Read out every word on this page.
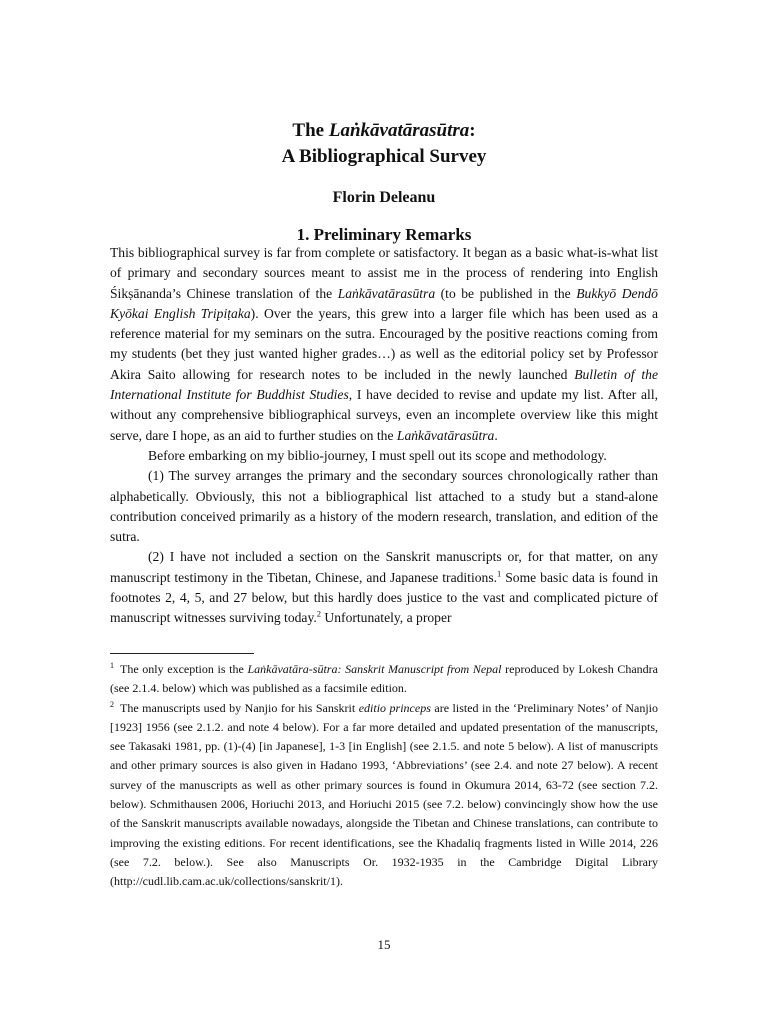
The Laṅkāvatārasūtra:
A Bibliographical Survey
Florin Deleanu
1. Preliminary Remarks

This bibliographical survey is far from complete or satisfactory. It began as a basic what-is-what list of primary and secondary sources meant to assist me in the process of rendering into English Śikṣānanda’s Chinese translation of the Laṅkāvatārasūtra (to be published in the Bukkyō Dendō Kyōkai English Tripiṭaka). Over the years, this grew into a larger file which has been used as a reference material for my seminars on the sutra. Encouraged by the positive reactions coming from my students (bet they just wanted higher grades…) as well as the editorial policy set by Professor Akira Saito allowing for research notes to be included in the newly launched Bulletin of the International Institute for Buddhist Studies, I have decided to revise and update my list. After all, without any comprehensive bibliographical surveys, even an incomplete overview like this might serve, dare I hope, as an aid to further studies on the Laṅkāvatārasūtra.

Before embarking on my biblio-journey, I must spell out its scope and methodology.

(1) The survey arranges the primary and the secondary sources chronologically rather than alphabetically. Obviously, this not a bibliographical list attached to a study but a stand-alone contribution conceived primarily as a history of the modern research, translation, and edition of the sutra.

(2) I have not included a section on the Sanskrit manuscripts or, for that matter, on any manuscript testimony in the Tibetan, Chinese, and Japanese traditions.$^1$ Some basic data is found in footnotes 2, 4, 5, and 27 below, but this hardly does justice to the vast and complicated picture of manuscript witnesses surviving today.$^2$ Unfortunately, a proper

$^1$ The only exception is the Laṅkāvatāra-sūtra: Sanskrit Manuscript from Nepal reproduced by Lokesh Chandra (see 2.1.4. below) which was published as a facsimile edition.

$^2$ The manuscripts used by Nanjio for his Sanskrit editio princeps are listed in the ‘Preliminary Notes’ of Nanjio [1923] 1956 (see 2.1.2. and note 4 below). For a far more detailed and updated presentation of the manuscripts, see Takasaki 1981, pp. (1)-(4) [in Japanese], 1-3 [in English] (see 2.1.5. and note 5 below). A list of manuscripts and other primary sources is also given in Hadano 1993, ‘Abbreviations’ (see 2.4. and note 27 below). A recent survey of the manuscripts as well as other primary sources is found in Okumura 2014, 63-72 (see section 7.2. below). Schmithausen 2006, Horiuchi 2013, and Horiuchi 2015 (see 7.2. below) convincingly show how the use of the Sanskrit manuscripts available nowadays, alongside the Tibetan and Chinese translations, can contribute to improving the existing editions. For recent identifications, see the Khadaliq fragments listed in Wille 2014, 226 (see 7.2. below.). See also Manuscripts Or. 1932-1935 in the Cambridge Digital Library (http://cudl.lib.cam.ac.uk/collections/sanskrit/1).

15
